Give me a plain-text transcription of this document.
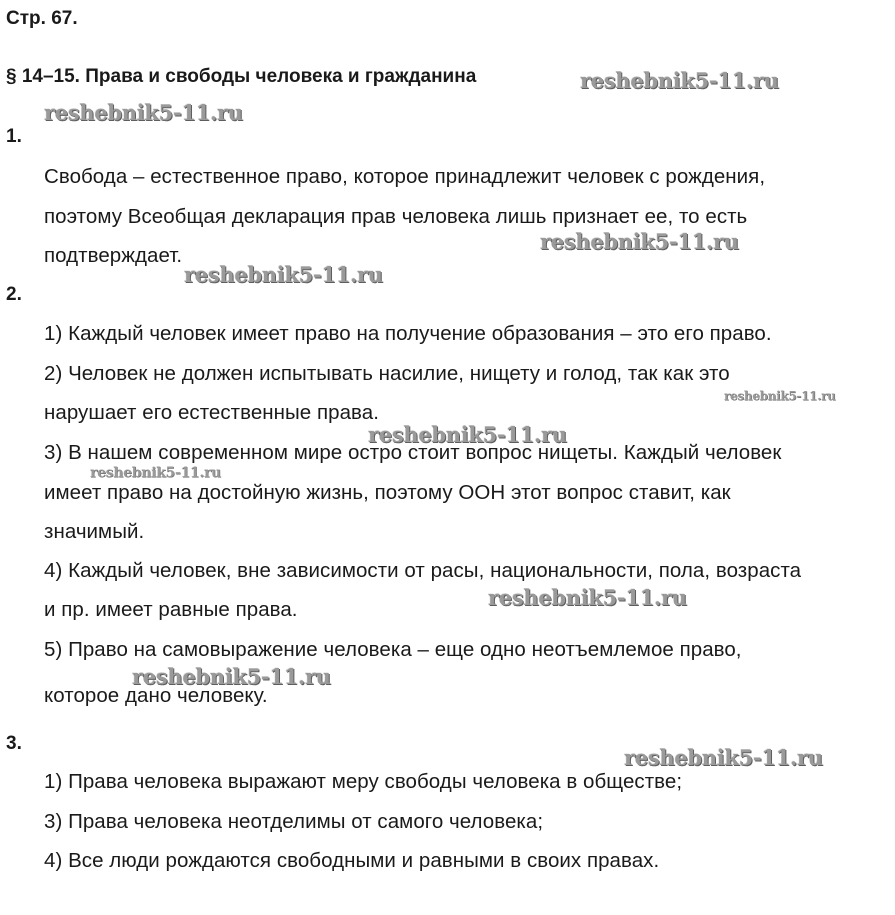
Стр. 67.
§ 14–15. Права и свободы человека и гражданина
1.
Свобода – естественное право, которое принадлежит человек с рождения,
поэтому Всеобщая декларация прав человека лишь признает ее, то есть
подтверждает.
2.
1) Каждый человек имеет право на получение образования – это его право.
2) Человек не должен испытывать насилие, нищету и голод, так как это
нарушает его естественные права.
3) В нашем современном мире остро стоит вопрос нищеты. Каждый человек
имеет право на достойную жизнь, поэтому ООН этот вопрос ставит, как
значимый.
4) Каждый человек, вне зависимости от расы, национальности, пола, возраста
и пр. имеет равные права.
5) Право на самовыражение человека – еще одно неотъемлемое право,
которое дано человеку.
3.
1) Права человека выражают меру свободы человека в обществе;
3) Права человека неотделимы от самого человека;
4) Все люди рождаются свободными и равными в своих правах.
reshebnik5-11.ru
reshebnik5-11.ru
reshebnik5-11.ru
reshebnik5-11.ru
reshebnik5-11.ru
reshebnik5-11.ru
reshebnik5-11.ru
reshebnik5-11.ru
reshebnik5-11.ru
reshebnik5-11.ru
